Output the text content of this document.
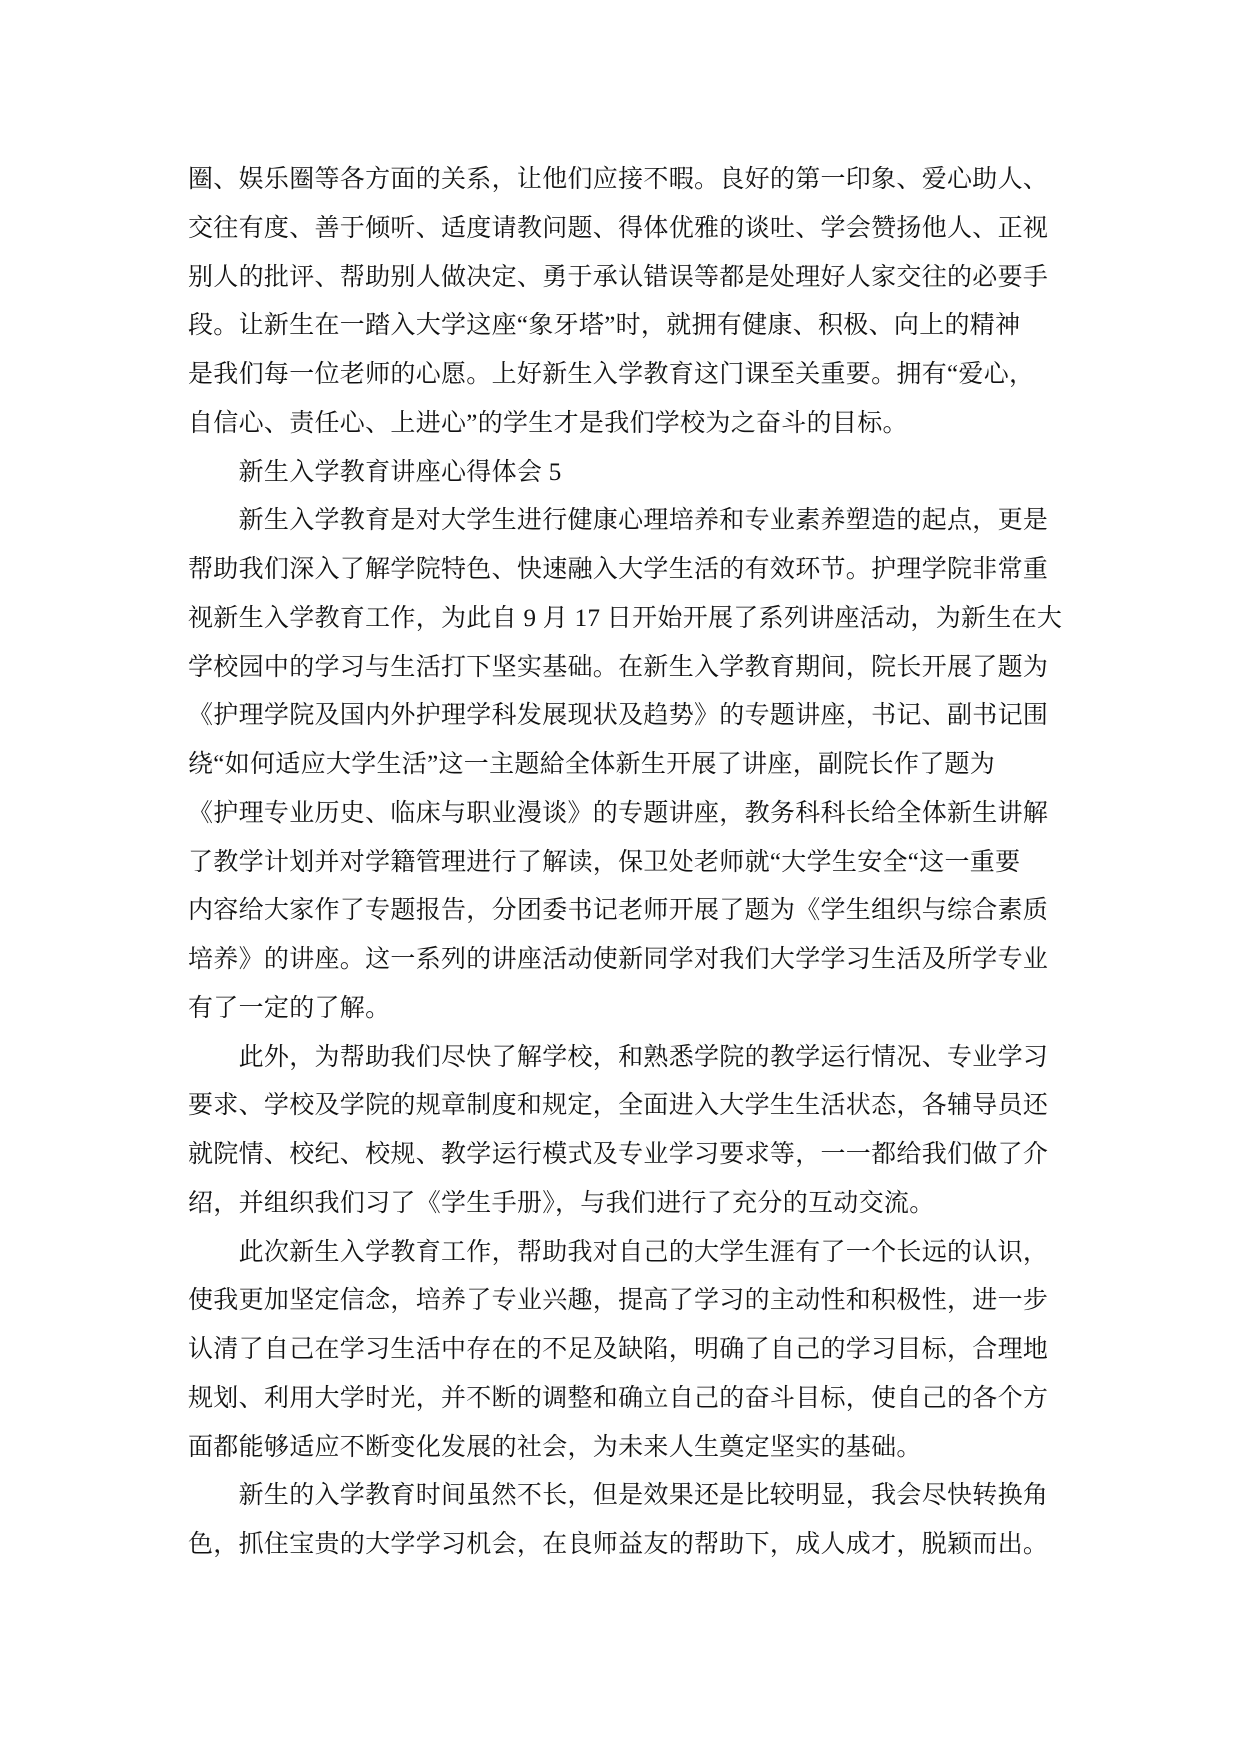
圈、娱乐圈等各方面的关系，让他们应接不暇。良好的第一印象、爱心助人、
交往有度、善于倾听、适度请教问题、得体优雅的谈吐、学会赞扬他人、正视
别人的批评、帮助别人做决定、勇于承认错误等都是处理好人家交往的必要手
段。让新生在一踏入大学这座“象牙塔”时，就拥有健康、积极、向上的精神
是我们每一位老师的心愿。上好新生入学教育这门课至关重要。拥有“爱心，
自信心、责任心、上进心”的学生才是我们学校为之奋斗的目标。
新生入学教育讲座心得体会 5
新生入学教育是对大学生进行健康心理培养和专业素养塑造的起点，更是
帮助我们深入了解学院特色、快速融入大学生活的有效环节。护理学院非常重
视新生入学教育工作，为此自 9 月 17 日开始开展了系列讲座活动，为新生在大
学校园中的学习与生活打下坚实基础。在新生入学教育期间，院长开展了题为
《护理学院及国内外护理学科发展现状及趋势》的专题讲座，书记、副书记围
绕“如何适应大学生活”这一主题給全体新生开展了讲座，副院长作了题为
《护理专业历史、临床与职业漫谈》的专题讲座，教务科科长给全体新生讲解
了教学计划并对学籍管理进行了解读，保卫处老师就“大学生安全“这一重要
内容给大家作了专题报告，分团委书记老师开展了题为《学生组织与综合素质
培养》的讲座。这一系列的讲座活动使新同学对我们大学学习生活及所学专业
有了一定的了解。
此外，为帮助我们尽快了解学校，和熟悉学院的教学运行情况、专业学习
要求、学校及学院的规章制度和规定，全面进入大学生生活状态，各辅导员还
就院情、校纪、校规、教学运行模式及专业学习要求等，一一都给我们做了介
绍，并组织我们习了《学生手册》，与我们进行了充分的互动交流。
此次新生入学教育工作，帮助我对自己的大学生涯有了一个长远的认识，
使我更加坚定信念，培养了专业兴趣，提高了学习的主动性和积极性，进一步
认清了自己在学习生活中存在的不足及缺陷，明确了自己的学习目标，合理地
规划、利用大学时光，并不断的调整和确立自己的奋斗目标，使自己的各个方
面都能够适应不断变化发展的社会，为未来人生奠定坚实的基础。
新生的入学教育时间虽然不长，但是效果还是比较明显，我会尽快转换角
色，抓住宝贵的大学学习机会，在良师益友的帮助下，成人成才，脱颖而出。
